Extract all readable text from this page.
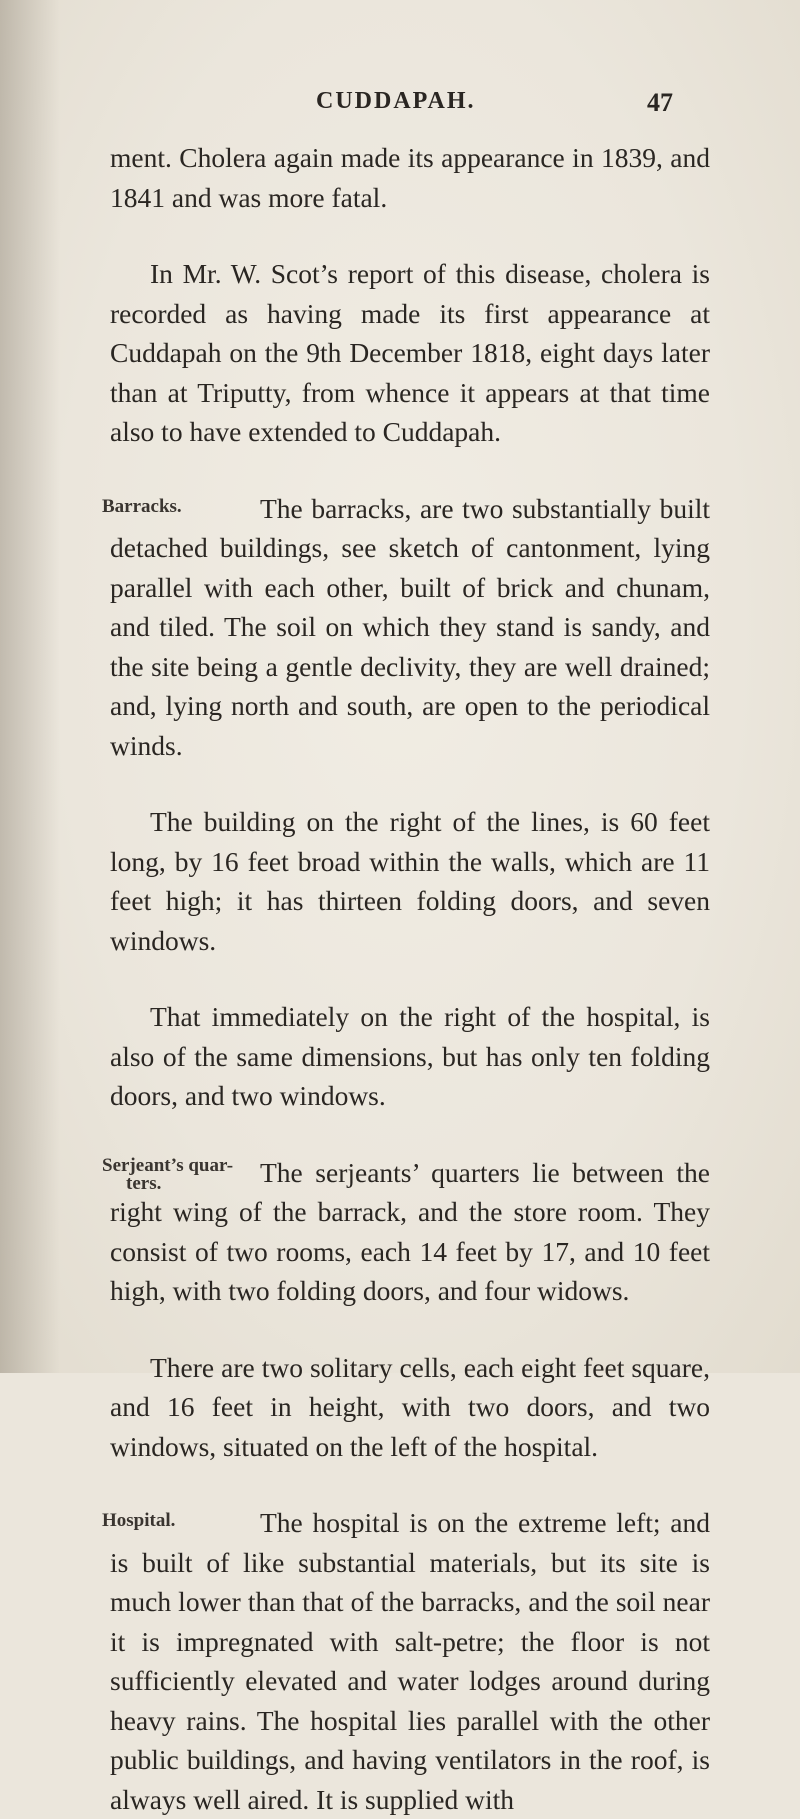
CUDDAPAH.	47

ment. Cholera again made its appearance in 1839, and 1841 and was more fatal.

In Mr. W. Scot’s report of this disease, cholera is recorded as having made its first appearance at Cuddapah on the 9th December 1818, eight days later than at Triputty, from whence it appears at that time also to have extended to Cuddapah.

Barracks.	The barracks, are two substantially built detached buildings, see sketch of cantonment, lying parallel with each other, built of brick and chunam, and tiled. The soil on which they stand is sandy, and the site being a gentle declivity, they are well drained; and, lying north and south, are open to the periodical winds.

The building on the right of the lines, is 60 feet long, by 16 feet broad within the walls, which are 11 feet high; it has thirteen folding doors, and seven windows.

That immediately on the right of the hospital, is also of the same dimensions, but has only ten folding doors, and two windows.

Serjeant’s quar-
ters.	The serjeants’ quarters lie between the right wing of the barrack, and the store room. They consist of two rooms, each 14 feet by 17, and 10 feet high, with two folding doors, and four widows.

There are two solitary cells, each eight feet square, and 16 feet in height, with two doors, and two windows, situated on the left of the hospital.

Hospital.	The hospital is on the extreme left; and is built of like substantial materials, but its site is much lower than that of the barracks, and the soil near it is impregnated with salt-petre; the floor is not sufficiently elevated and water lodges around during heavy rains. The hospital lies parallel with the other public buildings, and having ventilators in the roof, is always well aired. It is supplied with
